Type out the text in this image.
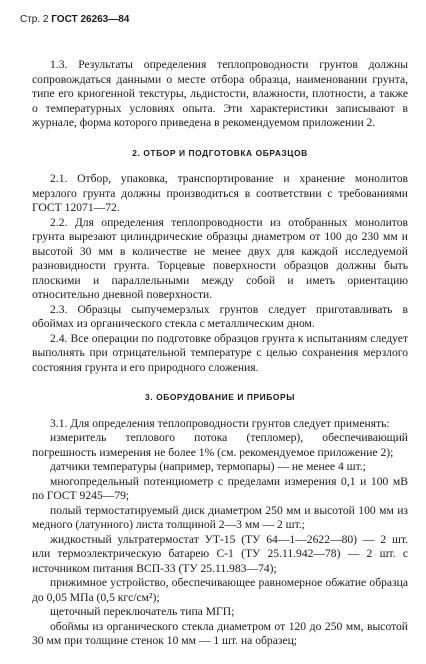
Стр. 2 ГОСТ 26263—84

1.3. Результаты определения теплопроводности грунтов должны сопровождаться данными о месте отбора образца, наименовании грунта, типе его криогенной текстуры, льдистости, влажности, плотности, а также о температурных условиях опыта. Эти характеристики записывают в журнале, форма которого приведена в рекомендуемом приложении 2.

2. ОТБОР И ПОДГОТОВКА ОБРАЗЦОВ

2.1. Отбор, упаковка, транспортирование и хранение монолитов мерзлого грунта должны производиться в соответствии с требованиями ГОСТ 12071—72.

2.2. Для определения теплопроводности из отобранных монолитов грунта вырезают цилиндрические образцы диаметром от 100 до 230 мм и высотой 30 мм в количестве не менее двух для каждой исследуемой разновидности грунта. Торцевые поверхности образцов должны быть плоскими и параллельными между собой и иметь ориентацию относительно дневной поверхности.

2.3. Образцы сыпучемерзлых грунтов следует приготавливать в обоймах из органического стекла с металлическим дном.

2.4. Все операции по подготовке образцов грунта к испытаниям следует выполнять при отрицательной температуре с целью сохранения мерзлого состояния грунта и его природного сложения.

3. ОБОРУДОВАНИЕ И ПРИБОРЫ

3.1. Для определения теплопроводности грунтов следует применять:

измеритель теплового потока (тепломер), обеспечивающий погрешность измерения не более 1% (см. рекомендуемое приложение 2);

датчики температуры (например, термопары) — не менее 4 шт.;

многопредельный потенциометр с пределами измерения 0,1 и 100 мВ по ГОСТ 9245—79;

полый термостатируемый диск диаметром 250 мм и высотой 100 мм из медного (латунного) листа толщиной 2—3 мм — 2 шт.;

жидкостный ультратермостат УТ-15 (ТУ 64—1—2622—80) — 2 шт. или термоэлектрическую батарею С-1 (ТУ 25.11.942—78) — 2 шт. с источником питания ВСП-33 (ТУ 25.11.983—74);

прижимное устройство, обеспечивающее равномерное обжатие образца до 0,05 МПа (0,5 кгс/см²);

щеточный переключатель типа МГП;

обоймы из органического стекла диаметром от 120 до 250 мм, высотой 30 мм при толщине стенок 10 мм — 1 шт. на образец;
